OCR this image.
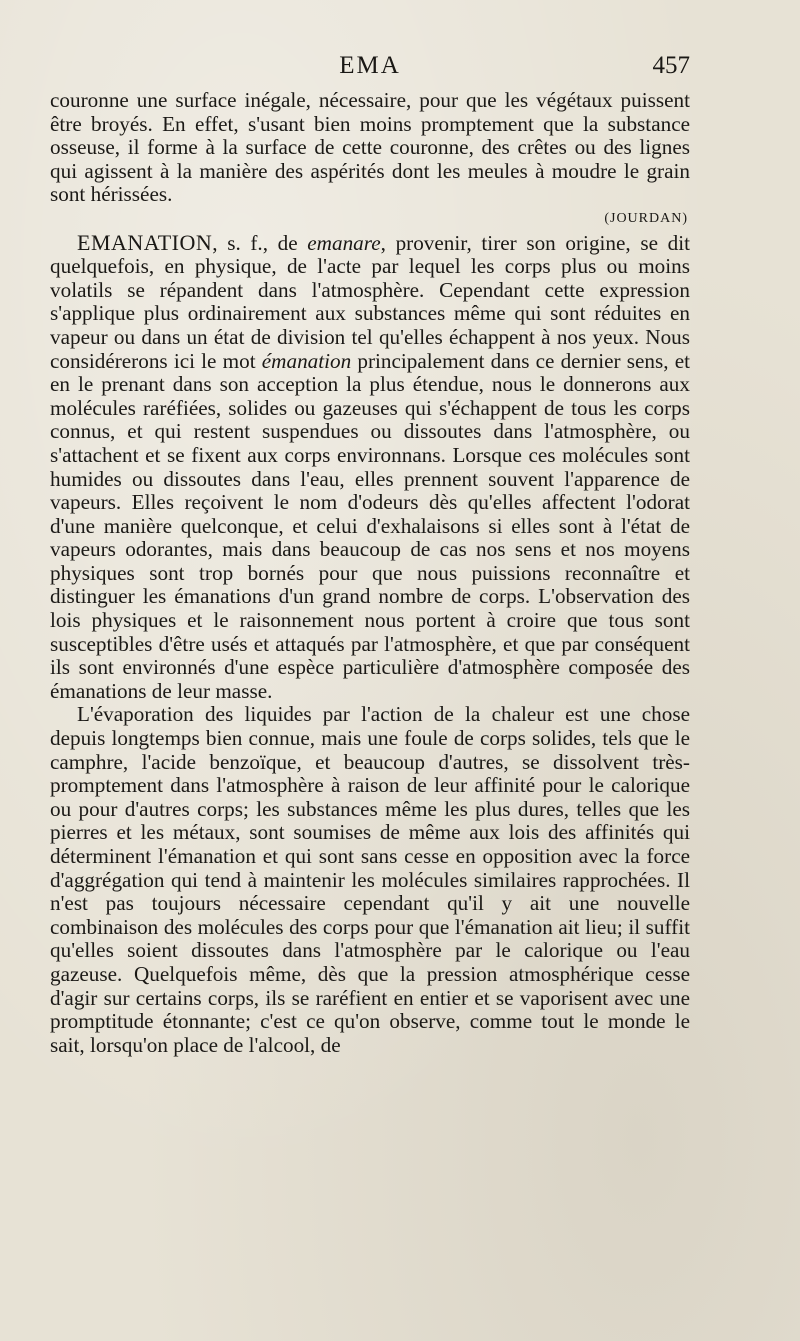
EMA	457

couronne une surface inégale, nécessaire, pour que les végétaux puissent être broyés. En effet, s'usant bien moins promptement que la substance osseuse, il forme à la surface de cette couronne, des crêtes ou des lignes qui agissent à la manière des aspérités dont les meules à moudre le grain sont hérissées.

(JOURDAN)

EMANATION, s. f., de emanare, provenir, tirer son origine, se dit quelquefois, en physique, de l'acte par lequel les corps plus ou moins volatils se répandent dans l'atmosphère. Cependant cette expression s'applique plus ordinairement aux substances même qui sont réduites en vapeur ou dans un état de division tel qu'elles échappent à nos yeux. Nous considérerons ici le mot émanation principalement dans ce dernier sens, et en le prenant dans son acception la plus étendue, nous le donnerons aux molécules raréfiées, solides ou gazeuses qui s'échappent de tous les corps connus, et qui restent suspendues ou dissoutes dans l'atmosphère, ou s'attachent et se fixent aux corps environnans. Lorsque ces molécules sont humides ou dissoutes dans l'eau, elles prennent souvent l'apparence de vapeurs. Elles reçoivent le nom d'odeurs dès qu'elles affectent l'odorat d'une manière quelconque, et celui d'exhalaisons si elles sont à l'état de vapeurs odorantes, mais dans beaucoup de cas nos sens et nos moyens physiques sont trop bornés pour que nous puissions reconnaître et distinguer les émanations d'un grand nombre de corps. L'observation des lois physiques et le raisonnement nous portent à croire que tous sont susceptibles d'être usés et attaqués par l'atmosphère, et que par conséquent ils sont environnés d'une espèce particulière d'atmosphère composée des émanations de leur masse.

L'évaporation des liquides par l'action de la chaleur est une chose depuis longtemps bien connue, mais une foule de corps solides, tels que le camphre, l'acide benzoïque, et beaucoup d'autres, se dissolvent très-promptement dans l'atmosphère à raison de leur affinité pour le calorique ou pour d'autres corps; les substances même les plus dures, telles que les pierres et les métaux, sont soumises de même aux lois des affinités qui déterminent l'émanation et qui sont sans cesse en opposition avec la force d'aggrégation qui tend à maintenir les molécules similaires rapprochées. Il n'est pas toujours nécessaire cependant qu'il y ait une nouvelle combinaison des molécules des corps pour que l'émanation ait lieu; il suffit qu'elles soient dissoutes dans l'atmosphère par le calorique ou l'eau gazeuse. Quelquefois même, dès que la pression atmosphérique cesse d'agir sur certains corps, ils se raréfient en entier et se vaporisent avec une promptitude étonnante; c'est ce qu'on observe, comme tout le monde le sait, lorsqu'on place de l'alcool, de
